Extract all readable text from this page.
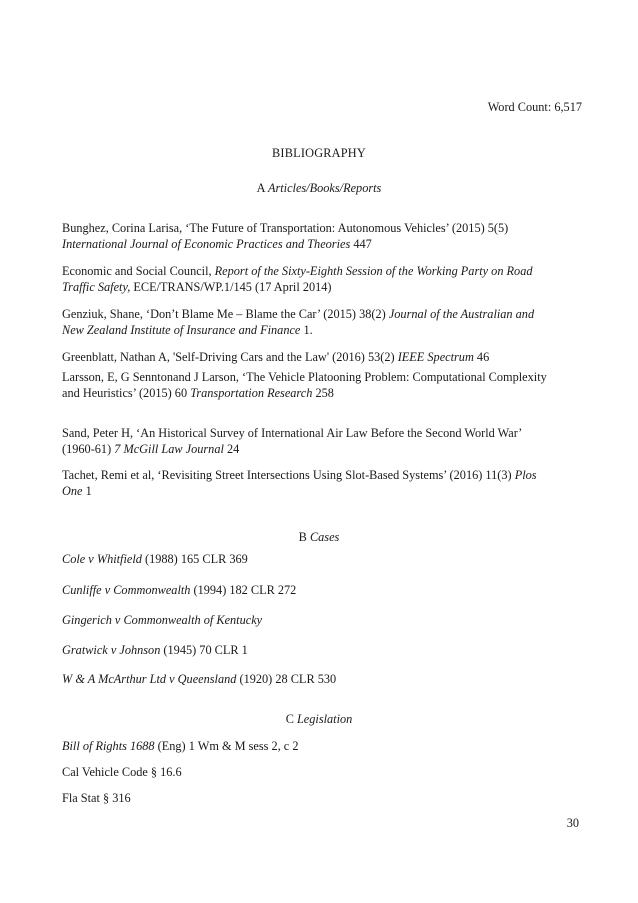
Word Count: 6,517
BIBLIOGRAPHY
A Articles/Books/Reports
Bunghez, Corina Larisa, ‘The Future of Transportation: Autonomous Vehicles’ (2015) 5(5)
International Journal of Economic Practices and Theories 447
Economic and Social Council, Report of the Sixty-Eighth Session of the Working Party on Road
Traffic Safety, ECE/TRANS/WP.1/145 (17 April 2014)
Genziuk, Shane, ‘Don’t Blame Me – Blame the Car’ (2015) 38(2) Journal of the Australian and
New Zealand Institute of Insurance and Finance 1.
Greenblatt, Nathan A, 'Self-Driving Cars and the Law' (2016) 53(2) IEEE Spectrum 46
Larsson, E, G Senntonand J Larson, ‘The Vehicle Platooning Problem: Computational Complexity
and Heuristics’ (2015) 60 Transportation Research 258
Sand, Peter H, ‘An Historical Survey of International Air Law Before the Second World War’
(1960-61) 7 McGill Law Journal 24
Tachet, Remi et al, ‘Revisiting Street Intersections Using Slot-Based Systems’ (2016) 11(3) Plos
One 1
B Cases
Cole v Whitfield (1988) 165 CLR 369
Cunliffe v Commonwealth (1994) 182 CLR 272
Gingerich v Commonwealth of Kentucky
Gratwick v Johnson (1945) 70 CLR 1
W & A McArthur Ltd v Queensland (1920) 28 CLR 530
C Legislation
Bill of Rights 1688 (Eng) 1 Wm & M sess 2, c 2
Cal Vehicle Code § 16.6
Fla Stat § 316
30
